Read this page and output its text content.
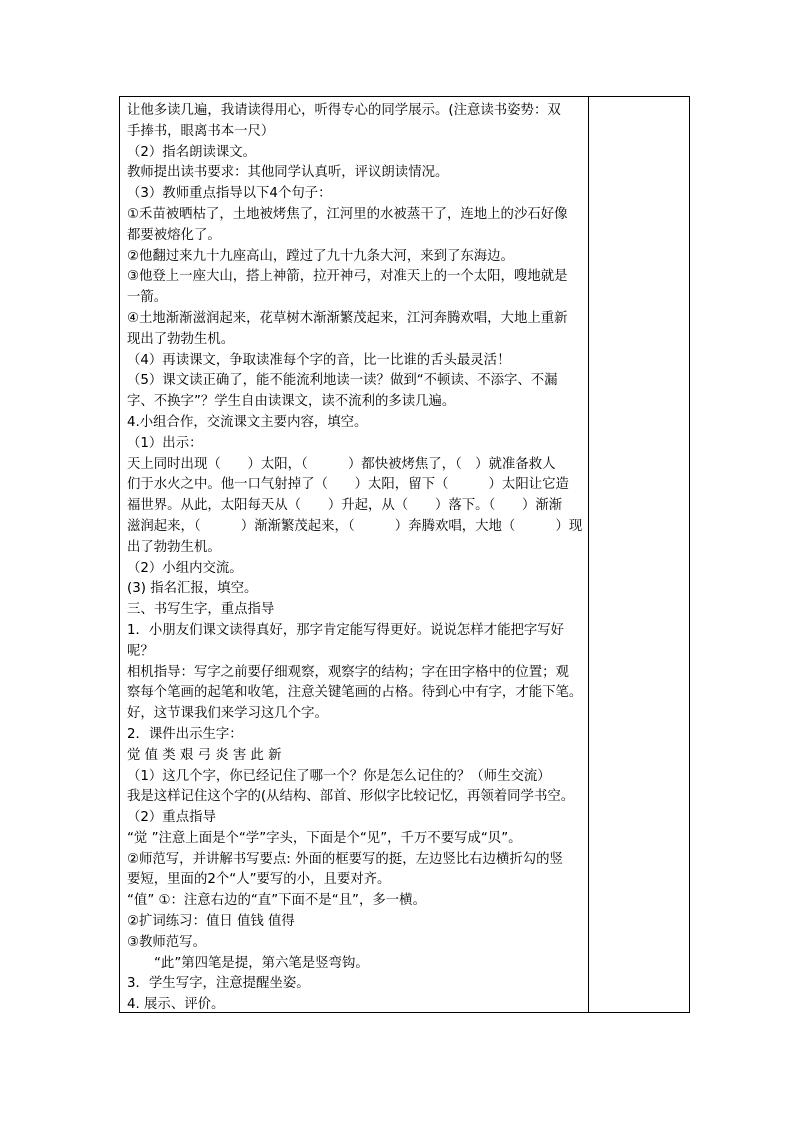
让他多读几遍，我请读得用心，听得专心的同学展示。(注意读书姿势：双
手捧书，眼离书本一尺）
（2）指名朗读课文。
教师提出读书要求：其他同学认真听，评议朗读情况。
（3）教师重点指导以下4个句子：
①禾苗被晒枯了，土地被烤焦了，江河里的水被蒸干了，连地上的沙石好像
都要被熔化了。
②他翻过来九十九座高山，蹚过了九十九条大河，来到了东海边。
③他登上一座大山，搭上神箭，拉开神弓，对准天上的一个太阳，嗖地就是
一箭。
④土地渐渐滋润起来，花草树木渐渐繁茂起来，江河奔腾欢唱，大地上重新
现出了勃勃生机。
（4）再读课文，争取读准每个字的音，比一比谁的舌头最灵活！
（5）课文读正确了，能不能流利地读一读？做到“不顿读、不添字、不漏
字、不换字”？学生自由读课文，读不流利的多读几遍。
4.小组合作，交流课文主要内容，填空。
（1）出示：
天上同时出现（　　）太阳，（　　　）都快被烤焦了，（　）就准备救人
们于水火之中。他一口气射掉了（　　）太阳，留下（　　　）太阳让它造
福世界。从此，太阳每天从（　　）升起，从（　　）落下。（　　）渐渐
滋润起来，（　　　）渐渐繁茂起来，（　　　）奔腾欢唱，大地（　　　）现
出了勃勃生机。
（2）小组内交流。
(3) 指名汇报，填空。
三、书写生字，重点指导
1．小朋友们课文读得真好，那字肯定能写得更好。说说怎样才能把字写好
呢？
相机指导：写字之前要仔细观察，观察字的结构；字在田字格中的位置；观
察每个笔画的起笔和收笔，注意关键笔画的占格。待到心中有字，才能下笔。
好，这节课我们来学习这几个字。
2．课件出示生字：
觉 值 类 艰 弓 炎 害 此 新
（1）这几个字，你已经记住了哪一个？你是怎么记住的？（师生交流）
我是这样记住这个字的(从结构、部首、形似字比较记忆，再领着同学书空。
（2）重点指导
“觉 ”注意上面是个“学”字头，下面是个“见”，千万不要写成“贝”。
②师范写，并讲解书写要点: 外面的框要写的挺，左边竖比右边横折勾的竖
要短，里面的2个“人”要写的小，且要对齐。
“值” ①：注意右边的“直”下面不是“且”，多一横。
②扩词练习：值日 值钱 值得
③教师范写。
“此”第四笔是提，第六笔是竖弯钩。
3．学生写字，注意提醒坐姿。
4. 展示、评价。
